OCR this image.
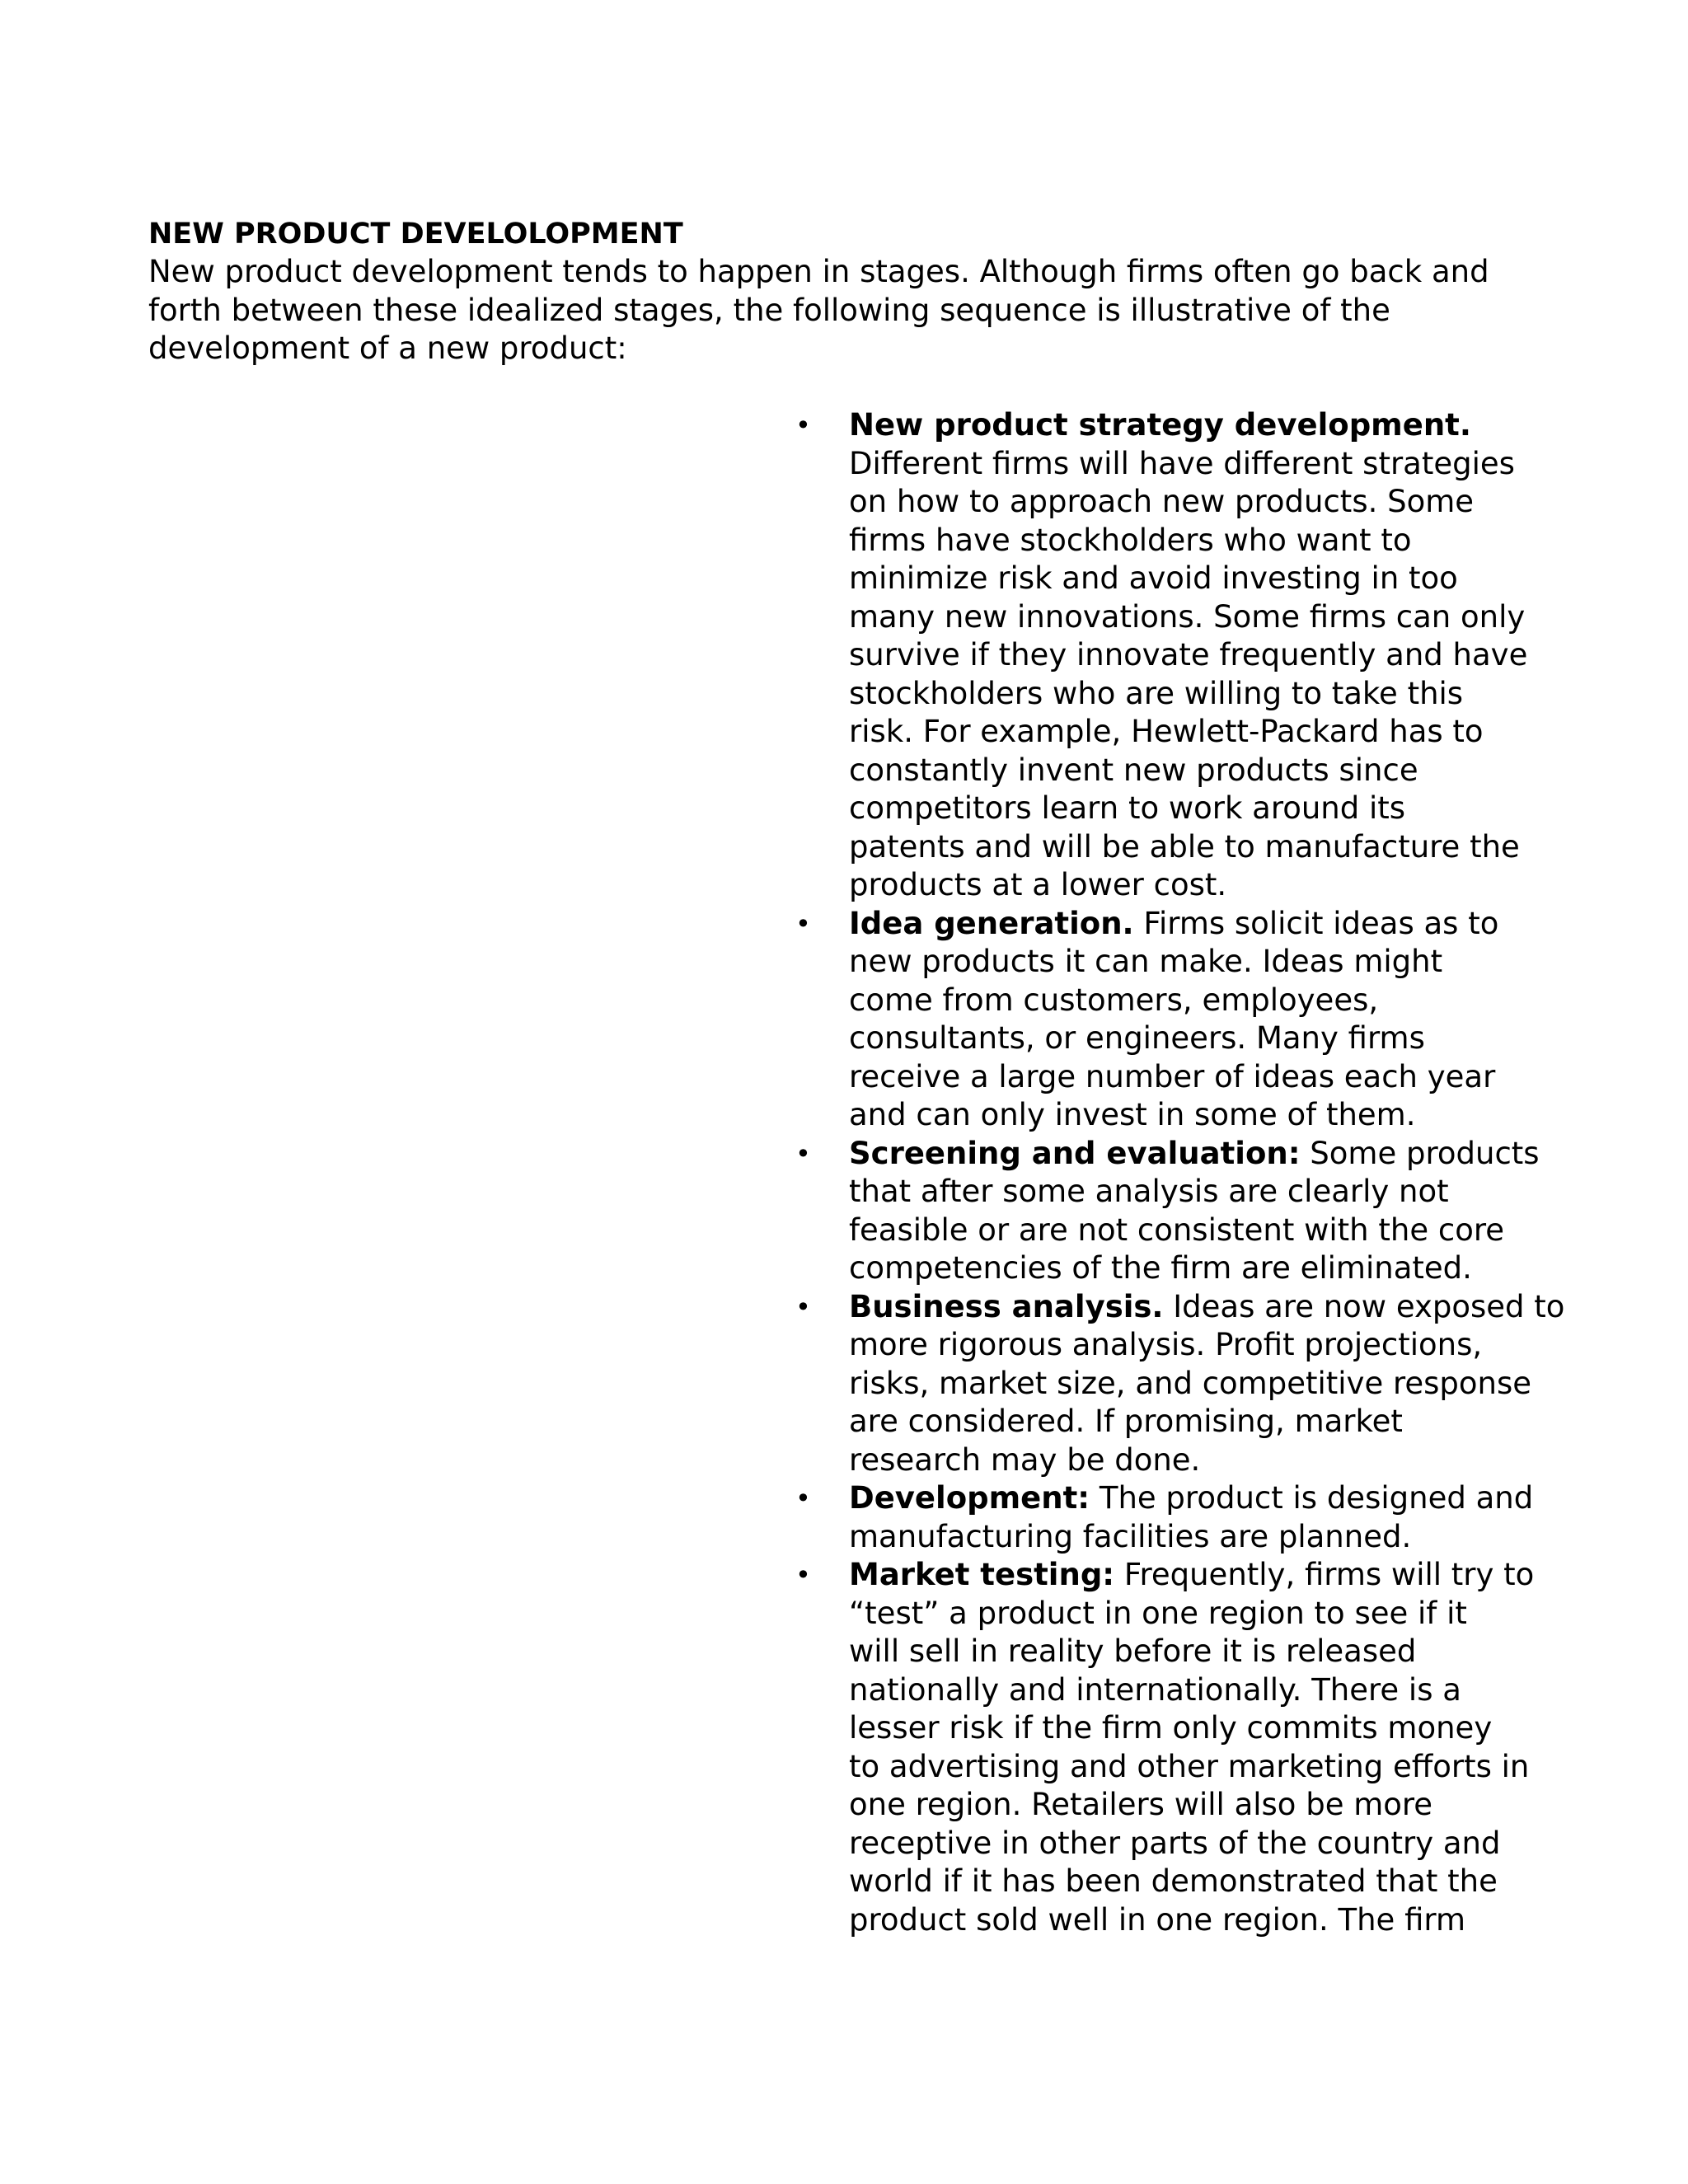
NEW PRODUCT DEVELOLOPMENT

New product development tends to happen in stages. Although firms often go back and
forth between these idealized stages, the following sequence is illustrative of the
development of a new product:

• New product strategy development.
Different firms will have different strategies
on how to approach new products. Some
firms have stockholders who want to
minimize risk and avoid investing in too
many new innovations. Some firms can only
survive if they innovate frequently and have
stockholders who are willing to take this
risk. For example, Hewlett-Packard has to
constantly invent new products since
competitors learn to work around its
patents and will be able to manufacture the
products at a lower cost.
• Idea generation. Firms solicit ideas as to
new products it can make. Ideas might
come from customers, employees,
consultants, or engineers. Many firms
receive a large number of ideas each year
and can only invest in some of them.
• Screening and evaluation: Some products
that after some analysis are clearly not
feasible or are not consistent with the core
competencies of the firm are eliminated.
• Business analysis. Ideas are now exposed to
more rigorous analysis. Profit projections,
risks, market size, and competitive response
are considered. If promising, market
research may be done.
• Development: The product is designed and
manufacturing facilities are planned.
• Market testing: Frequently, firms will try to
“test” a product in one region to see if it
will sell in reality before it is released
nationally and internationally. There is a
lesser risk if the firm only commits money
to advertising and other marketing efforts in
one region. Retailers will also be more
receptive in other parts of the country and
world if it has been demonstrated that the
product sold well in one region. The firm
